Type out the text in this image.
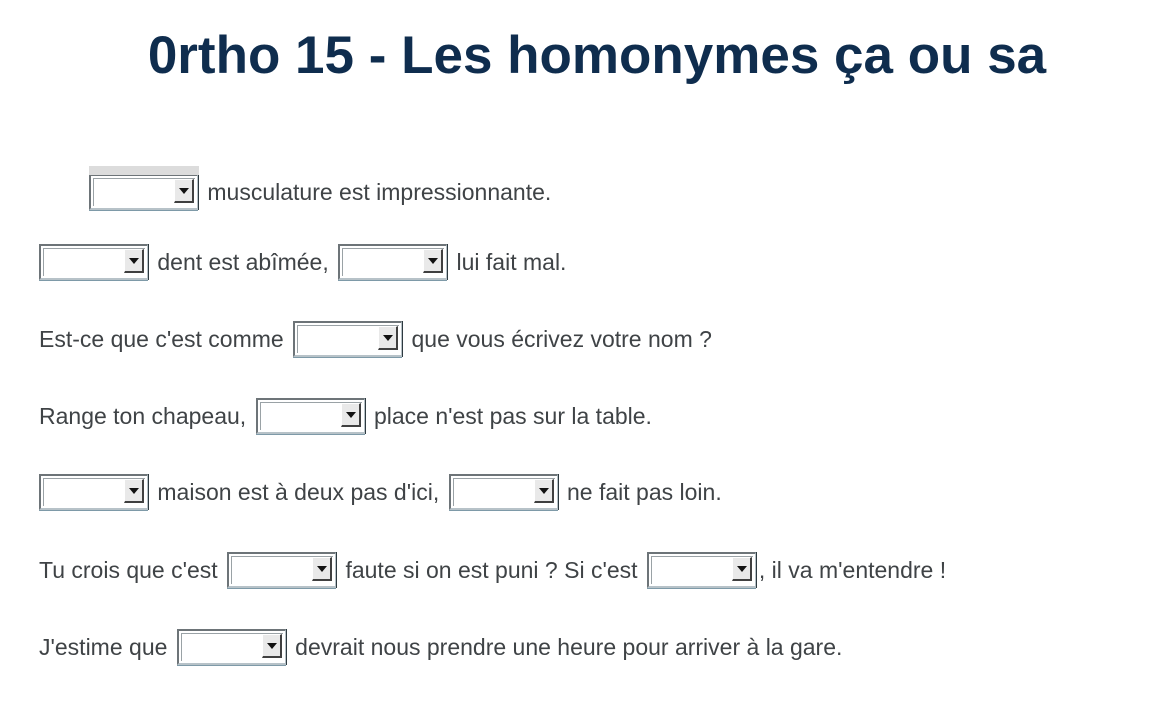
0rtho 15 - Les homonymes ça ou sa
musculature est impressionnante.
dent est abîmée,	lui fait mal.
Est-ce que c'est comme	que vous écrivez votre nom ?
Range ton chapeau,	place n'est pas sur la table.
maison est à deux pas d'ici,	ne fait pas loin.
Tu crois que c'est	faute si on est puni ? Si c'est	, il va m'entendre !
J'estime que	devrait nous prendre une heure pour arriver à la gare.
